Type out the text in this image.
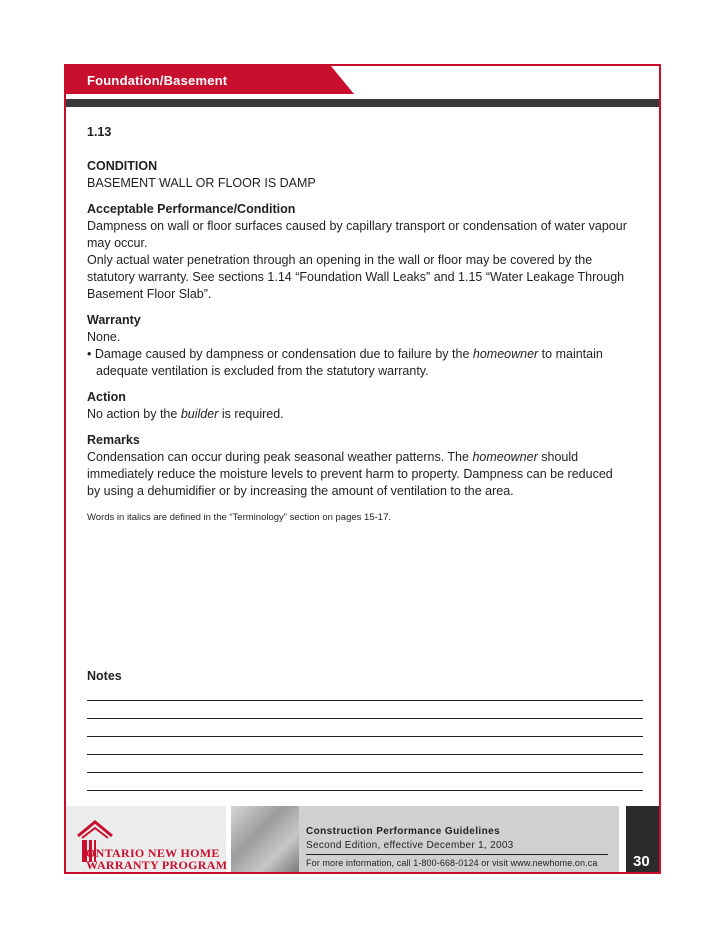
Foundation/Basement

1.13

CONDITION

BASEMENT WALL OR FLOOR IS DAMP

Acceptable Performance/Condition

Dampness on wall or floor surfaces caused by capillary transport or condensation of water vapour

may occur.

Only actual water penetration through an opening in the wall or floor may be covered by the

statutory warranty. See sections 1.14 “Foundation Wall Leaks” and 1.15 “Water Leakage Through

Basement Floor Slab”.

Warranty

None.

• Damage caused by dampness or condensation due to failure by the homeowner to maintain

adequate ventilation is excluded from the statutory warranty.

Action

No action by the builder is required.

Remarks

Condensation can occur during peak seasonal weather patterns. The homeowner should

immediately reduce the moisture levels to prevent harm to property. Dampness can be reduced

by using a dehumidifier or by increasing the amount of ventilation to the area.

Words in italics are defined in the “Terminology” section on pages 15-17.

Notes
ONTARIO NEW HOME
WARRANTY PROGRAM
Construction Performance Guidelines
Second Edition, effective December 1, 2003
For more information, call 1-800-668-0124 or visit www.newhome.on.ca 30
